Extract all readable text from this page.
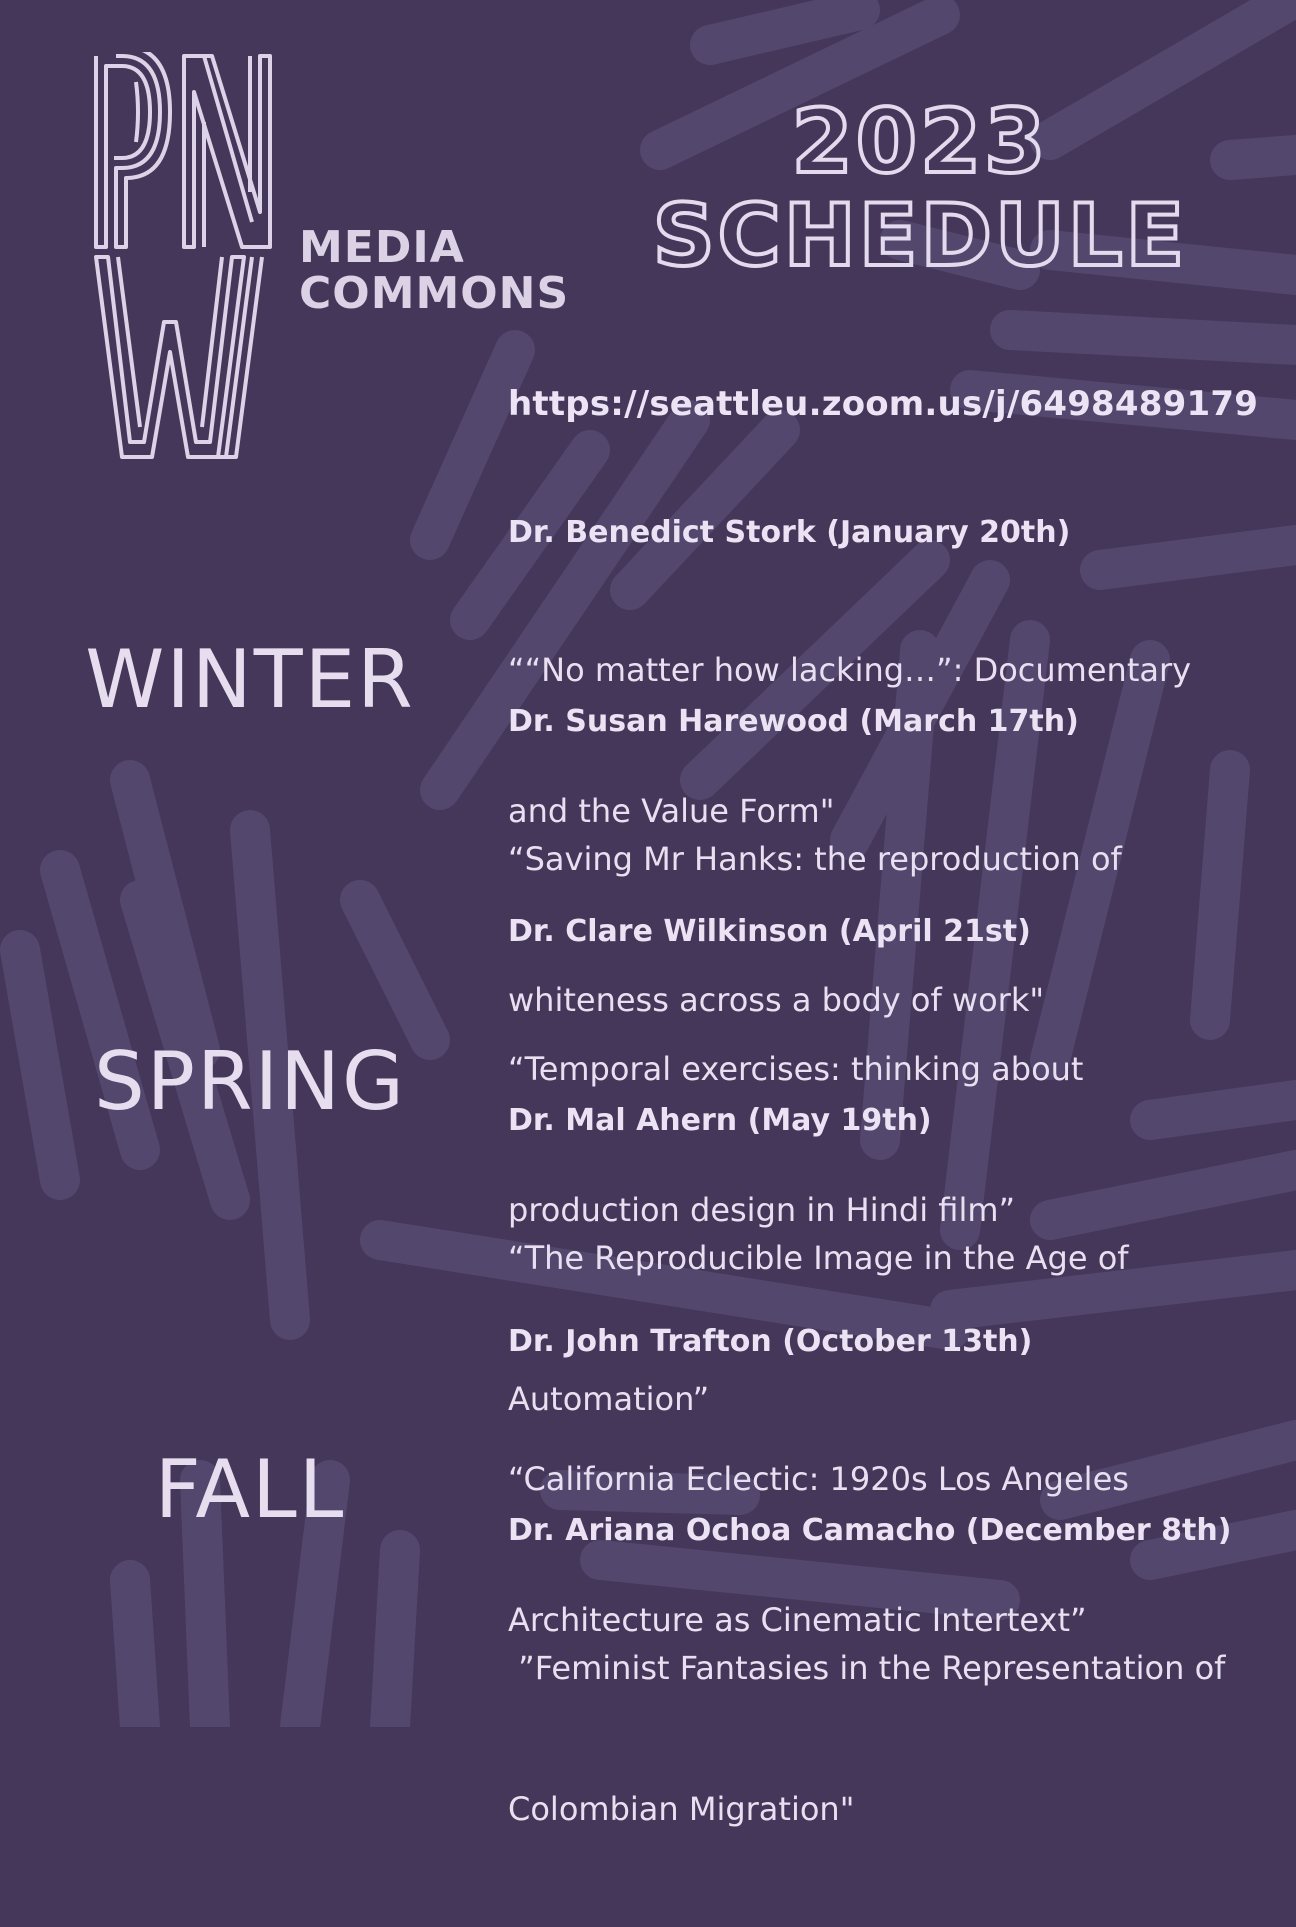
MEDIA
COMMONS
2023
SCHEDULE
https://seattleu.zoom.us/j/6498489179
WINTER
SPRING
FALL
Dr. Benedict Stork (January 20th)

““No matter how lacking…”: Documentary

and the Value Form"

Dr. Susan Harewood (March 17th)

“Saving Mr Hanks: the reproduction of

whiteness across a body of work"

Dr. Clare Wilkinson (April 21st)

“Temporal exercises: thinking about

production design in Hindi film”

Dr. Mal Ahern (May 19th)

“The Reproducible Image in the Age of

Automation”

Dr. John Trafton (October 13th)

“California Eclectic: 1920s Los Angeles

Architecture as Cinematic Intertext”

Dr. Ariana Ochoa Camacho (December 8th)

”Feminist Fantasies in the Representation of

Colombian Migration"
